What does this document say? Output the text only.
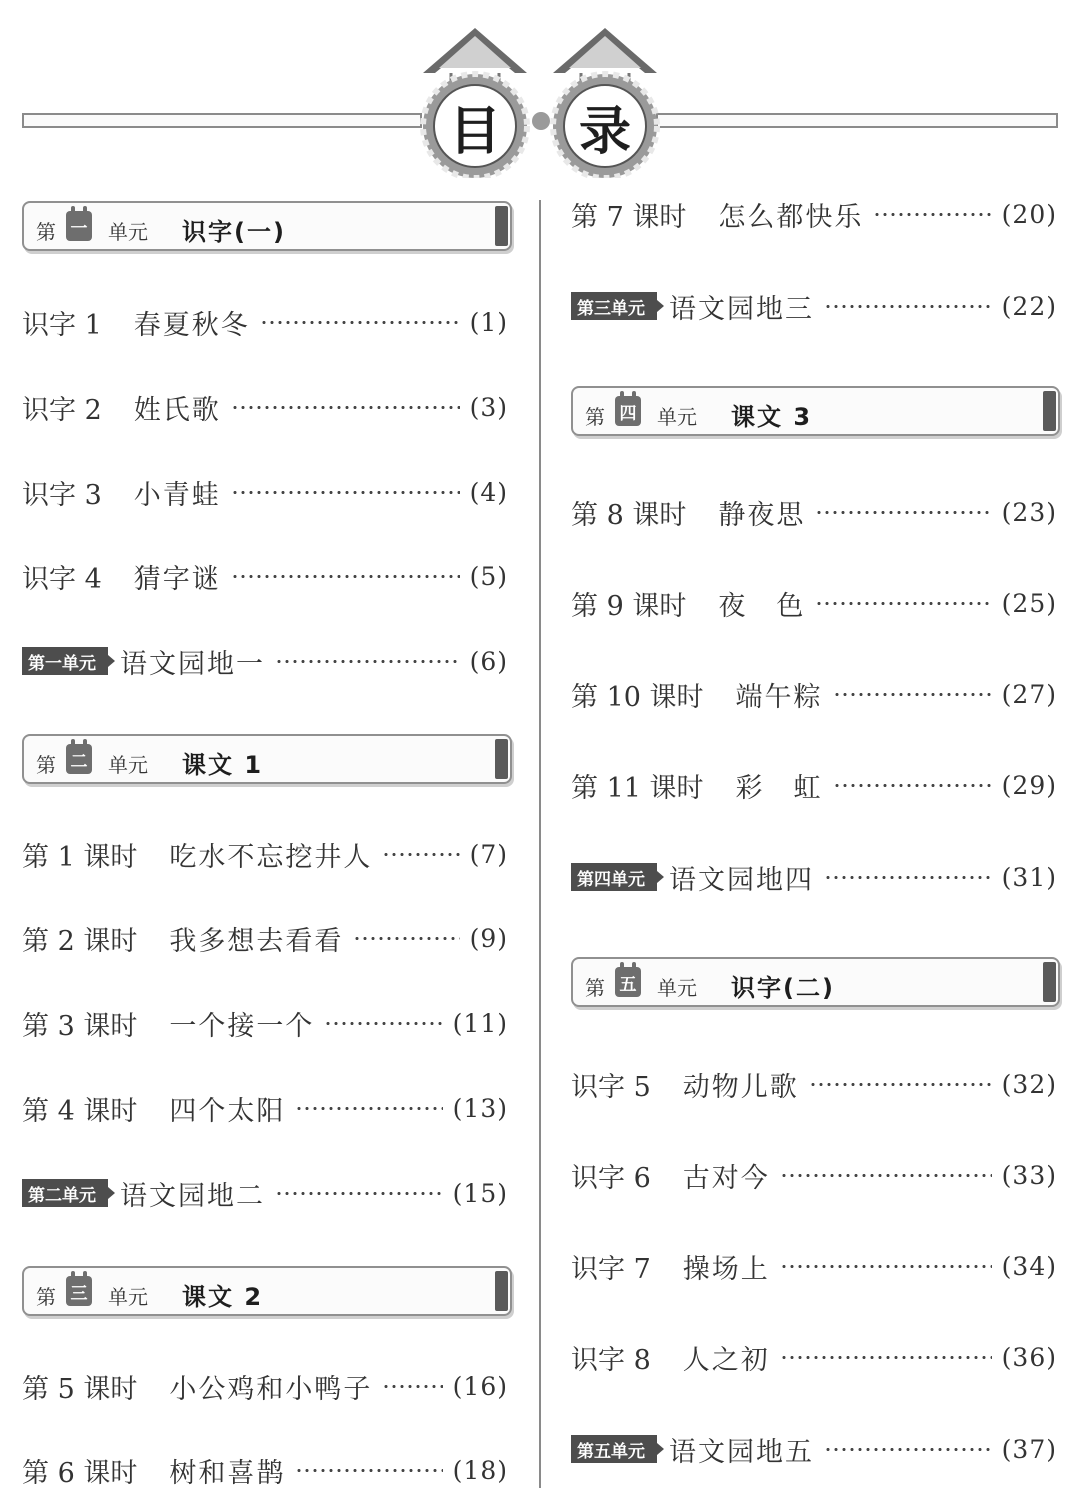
目	录
第 一 单元 识字(一)
第 二 单元 课文 1
第 三 单元 课文 2
第 四 单元 课文 3
第 五 单元 识字(二)
识字 1 春夏秋冬	(1)
识字 2 姓氏歌	(3)
识字 3 小青蛙	(4)
识字 4 猜字谜	(5)
第一单元 语文园地一	(6)
第 1 课时 吃水不忘挖井人	(7)
第 2 课时 我多想去看看	(9)
第 3 课时 一个接一个	(11)
第 4 课时 四个太阳	(13)
第二单元 语文园地二	(15)
第 5 课时 小公鸡和小鸭子	(16)
第 6 课时 树和喜鹊	(18)
第 7 课时 怎么都快乐	(20)
第三单元 语文园地三	(22)
第 8 课时 静夜思	(23)
第 9 课时 夜　色	(25)
第 10 课时 端午粽	(27)
第 11 课时 彩　虹	(29)
第四单元 语文园地四	(31)
识字 5 动物儿歌	(32)
识字 6 古对今	(33)
识字 7 操场上	(34)
识字 8 人之初	(36)
第五单元 语文园地五	(37)
